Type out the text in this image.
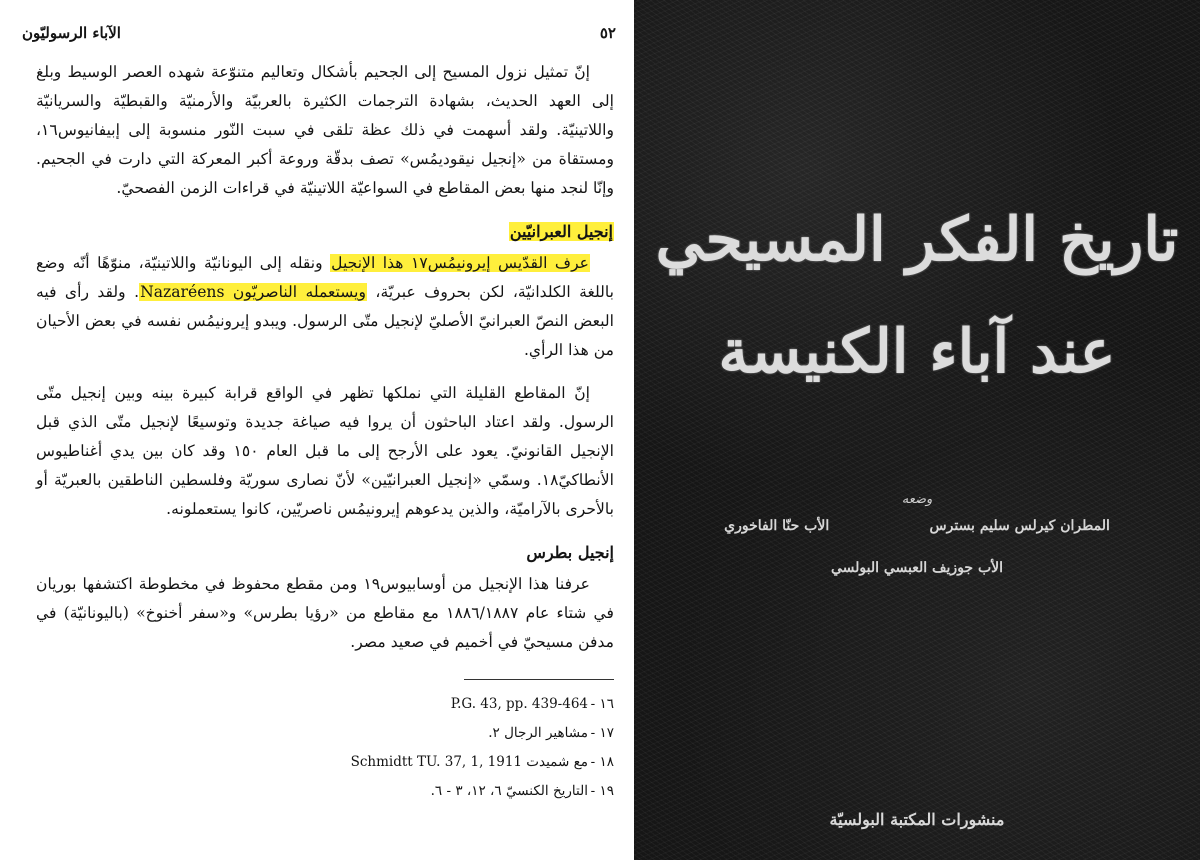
٥٢
الآباء الرسوليّون

إنّ تمثيل نزول المسيح إلى الجحيم بأشكال وتعاليم متنوّعة شهده العصر الوسيط وبلغ إلى العهد الحديث، بشهادة الترجمات الكثيرة بالعربيّة والأرمنيّة والقبطيّة والسريانيّة واللاتينيّة. ولقد أسهمت في ذلك عظة تلقى في سبت النّور منسوبة إلى إبيفانيوس١٦، ومستقاة من «إنجيل نيقوديمُس» تصف بدقّة وروعة أكبر المعركة التي دارت في الجحيم. وإنّا لنجد منها بعض المقاطع في السواعيّة اللاتينيّة في قراءات الزمن الفصحيّ.

إنجيل العبرانيّين

عرف القدّيس إيرونيمُس١٧ هذا الإنجيل ونقله إلى اليونانيّة واللاتينيّة، منوّهًا أنّه وضع باللغة الكلدانيّة، لكن بحروف عبريّة، ويستعمله الناصريّون Nazaréens. ولقد رأى فيه البعض النصّ العبرانيّ الأصليّ لإنجيل متّى الرسول. ويبدو إيرونيمُس نفسه في بعض الأحيان من هذا الرأي.

إنّ المقاطع القليلة التي نملكها تظهر في الواقع قرابة كبيرة بينه وبين إنجيل متّى الرسول. ولقد اعتاد الباحثون أن يروا فيه صياغة جديدة وتوسيعًا لإنجيل متّى الذي قبل الإنجيل القانونيّ. يعود على الأرجح إلى ما قبل العام ١٥٠ وقد كان بين يدي أغناطيوس الأنطاكيّ١٨. وسمّي «إنجيل العبرانيّين» لأنّ نصارى سوريّة وفلسطين الناطقين بالعبريّة أو بالأحرى بالآراميّة، والذين يدعوهم إيرونيمُس ناصريّين، كانوا يستعملونه.

إنجيل بطرس

عرفنا هذا الإنجيل من أوسابيوس١٩ ومن مقطع محفوظ في مخطوطة اكتشفها بوريان في شتاء عام ١٨٨٦/١٨٨٧ مع مقاطع من «رؤيا بطرس» و«سفر أخنوخ» (باليونانيّة) في مدفن مسيحيّ في أخميم في صعيد مصر.

١٦ -
P.G. 43, pp. 439-464
١٧ -
مشاهير الرجال ٢.
١٨ -
مع شميدت Schmidtt TU. 37, 1, 1911
١٩ -
التاريخ الكنسيّ ٦، ١٢، ٣ - ٦.
تاريخ الفكر المسيحي
عند آباء الكنيسة
وضعه
المطران كيرلس سليم بسترس
الأب حنّا الفاخوري
الأب جوزيف العبسي البولسي
منشورات المكتبة البولسيّة
